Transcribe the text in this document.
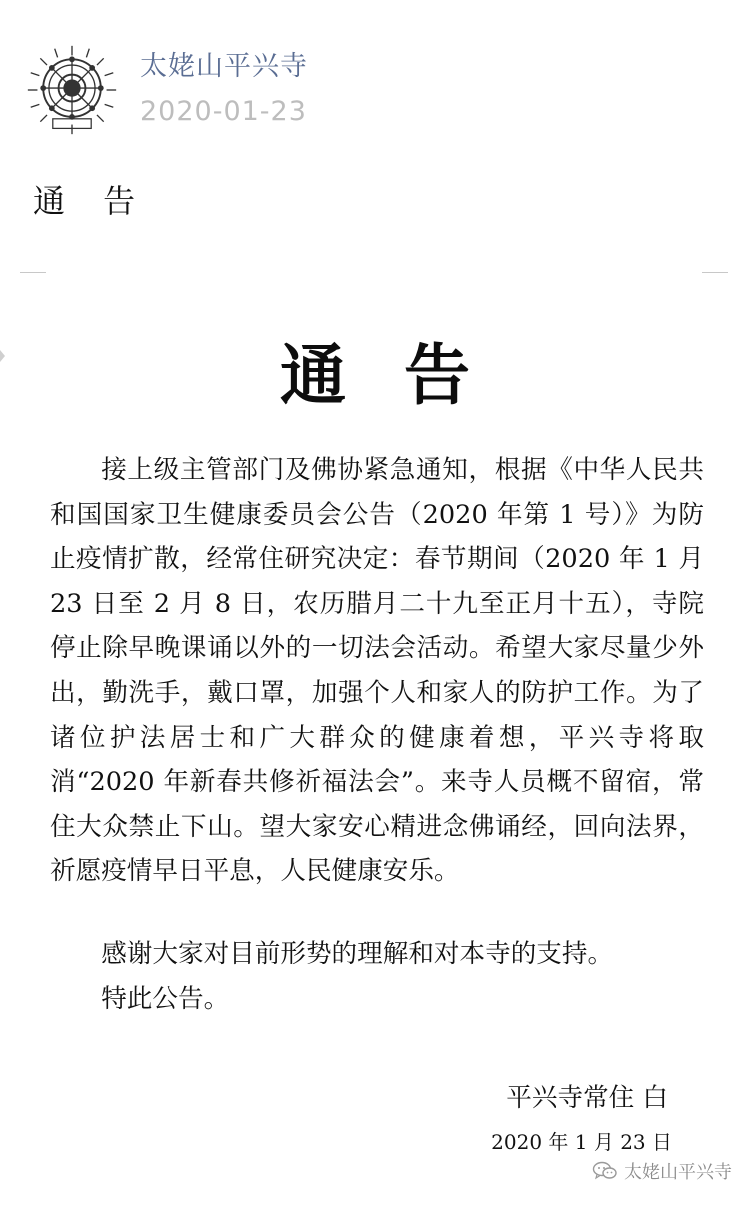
太姥山平兴寺
2020-01-23
通 告
通告

接上级主管部门及佛协紧急通知，根据《中华人民共和国国家卫生健康委员会公告（2020 年第 1 号）》为防止疫情扩散，经常住研究决定：春节期间（2020 年 1 月 23 日至 2 月 8 日，农历腊月二十九至正月十五），寺院停止除早晚课诵以外的一切法会活动。希望大家尽量少外出，勤洗手，戴口罩，加强个人和家人的防护工作。为了诸位护法居士和广大群众的健康着想，平兴寺将取消“2020 年新春共修祈福法会”。来寺人员概不留宿，常住大众禁止下山。望大家安心精进念佛诵经，回向法界，祈愿疫情早日平息，人民健康安乐。

感谢大家对目前形势的理解和对本寺的支持。

特此公告。

平兴寺常住 白
2020 年 1 月 23 日
太姥山平兴寺
